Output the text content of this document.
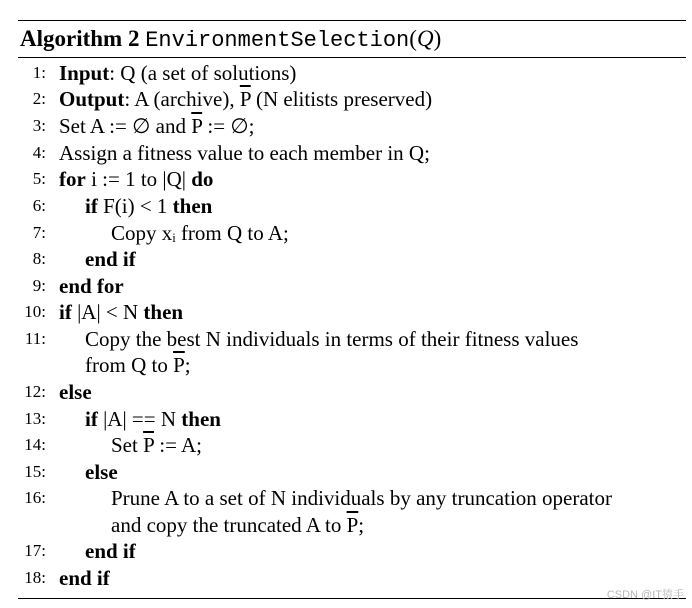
Algorithm 2 EnvironmentSelection(Q)
1:
2:
3:
4:
5:
6:
7:
8:
9:
10:
11:
12:
13:
14:
15:
16:
17:
18:
Input: Q (a set of solutions)
Output: A (archive), $\overline{P}$ (N elitists preserved)
Set A := ∅ and $\overline{P}$ := ∅;
Assign a fitness value to each member in Q;
for i := 1 to |Q| do
if F(i) < 1 then
Copy xᵢ from Q to A;
end if
end for
if |A| < N then
Copy the best N individuals in terms of their fitness values
from Q to $\overline{P}$;
else
if |A| == N then
Set $\overline{P}$ := A;
else
Prune A to a set of N individuals by any truncation operator
and copy the truncated A to $\overline{P}$;
end if
end if
CSDN @IT猿手
